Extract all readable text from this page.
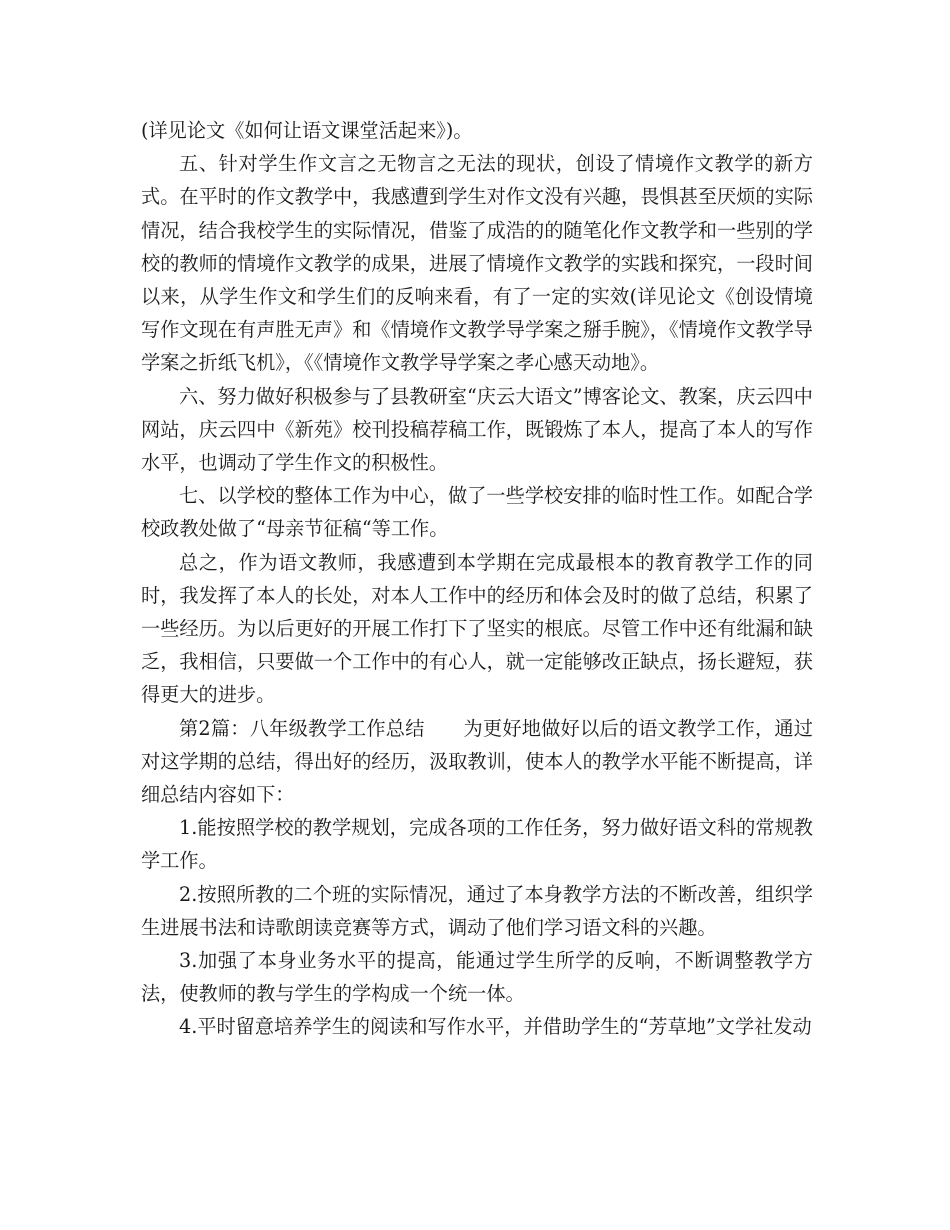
(详见论文《如何让语文课堂活起来》)。

五、针对学生作文言之无物言之无法的现状，创设了情境作文教学的新方式。在平时的作文教学中，我感遭到学生对作文没有兴趣，畏惧甚至厌烦的实际情况，结合我校学生的实际情况，借鉴了成浩的的随笔化作文教学和一些别的学校的教师的情境作文教学的成果，进展了情境作文教学的实践和探究，一段时间以来，从学生作文和学生们的反响来看，有了一定的实效(详见论文《创设情境写作文现在有声胜无声》和《情境作文教学导学案之掰手腕》，《情境作文教学导学案之折纸飞机》，《《情境作文教学导学案之孝心感天动地》。

六、努力做好积极参与了县教研室“庆云大语文”博客论文、教案，庆云四中网站，庆云四中《新苑》校刊投稿荐稿工作，既锻炼了本人，提高了本人的写作水平，也调动了学生作文的积极性。

七、以学校的整体工作为中心，做了一些学校安排的临时性工作。如配合学校政教处做了“母亲节征稿“等工作。

总之，作为语文教师，我感遭到本学期在完成最根本的教育教学工作的同时，我发挥了本人的长处，对本人工作中的经历和体会及时的做了总结，积累了一些经历。为以后更好的开展工作打下了坚实的根底。尽管工作中还有纰漏和缺乏，我相信，只要做一个工作中的有心人，就一定能够改正缺点，扬长避短，获得更大的进步。

第2篇：八年级教学工作总结　　为更好地做好以后的语文教学工作，通过对这学期的总结，得出好的经历，汲取教训，使本人的教学水平能不断提高，详细总结内容如下：

1.能按照学校的教学规划，完成各项的工作任务，努力做好语文科的常规教学工作。

2.按照所教的二个班的实际情况，通过了本身教学方法的不断改善，组织学生进展书法和诗歌朗读竞赛等方式，调动了他们学习语文科的兴趣。

3.加强了本身业务水平的提高，能通过学生所学的反响，不断调整教学方法，使教师的教与学生的学构成一个统一体。

4.平时留意培养学生的阅读和写作水平，并借助学生的“芳草地”文学社发动
